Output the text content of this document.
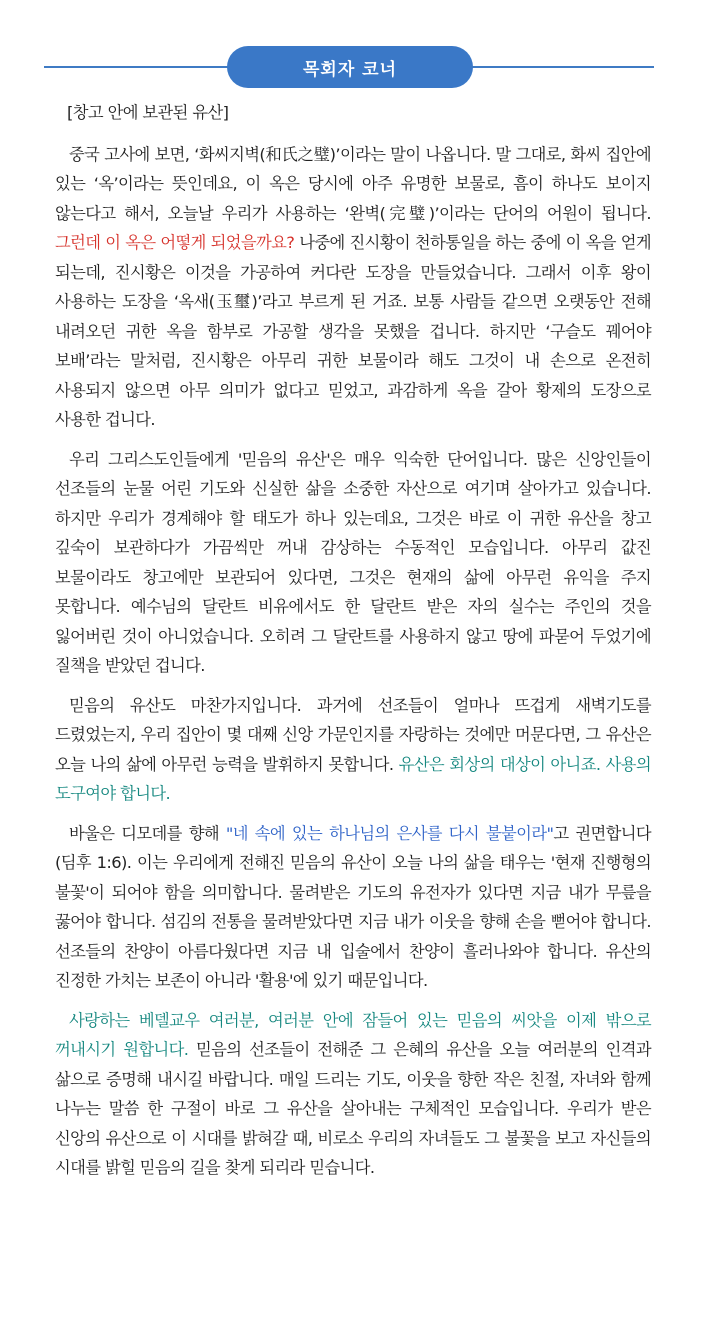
목회자 코너
[창고 안에 보관된 유산]

중국 고사에 보면, ‘화씨지벽(和氏之璧)’이라는 말이 나옵니다. 말 그대로, 화씨 집안에 있는 ‘옥’이라는 뜻인데요, 이 옥은 당시에 아주 유명한 보물로, 흠이 하나도 보이지 않는다고 해서, 오늘날 우리가 사용하는 ‘완벽(完璧)’이라는 단어의 어원이 됩니다. 그런데 이 옥은 어떻게 되었을까요? 나중에 진시황이 천하통일을 하는 중에 이 옥을 얻게 되는데, 진시황은 이것을 가공하여 커다란 도장을 만들었습니다. 그래서 이후 왕이 사용하는 도장을 ‘옥새(玉璽)’라고 부르게 된 거죠. 보통 사람들 같으면 오랫동안 전해 내려오던 귀한 옥을 함부로 가공할 생각을 못했을 겁니다. 하지만 ‘구슬도 꿰어야 보배’라는 말처럼, 진시황은 아무리 귀한 보물이라 해도 그것이 내 손으로 온전히 사용되지 않으면 아무 의미가 없다고 믿었고, 과감하게 옥을 갈아 황제의 도장으로 사용한 겁니다.

우리 그리스도인들에게 '믿음의 유산'은 매우 익숙한 단어입니다. 많은 신앙인들이 선조들의 눈물 어린 기도와 신실한 삶을 소중한 자산으로 여기며 살아가고 있습니다. 하지만 우리가 경계해야 할 태도가 하나 있는데요, 그것은 바로 이 귀한 유산을 창고 깊숙이 보관하다가 가끔씩만 꺼내 감상하는 수동적인 모습입니다. 아무리 값진 보물이라도 창고에만 보관되어 있다면, 그것은 현재의 삶에 아무런 유익을 주지 못합니다. 예수님의 달란트 비유에서도 한 달란트 받은 자의 실수는 주인의 것을 잃어버린 것이 아니었습니다. 오히려 그 달란트를 사용하지 않고 땅에 파묻어 두었기에 질책을 받았던 겁니다.

믿음의 유산도 마찬가지입니다. 과거에 선조들이 얼마나 뜨겁게 새벽기도를 드렸었는지, 우리 집안이 몇 대째 신앙 가문인지를 자랑하는 것에만 머문다면, 그 유산은 오늘 나의 삶에 아무런 능력을 발휘하지 못합니다. 유산은 회상의 대상이 아니죠. 사용의 도구여야 합니다.

바울은 디모데를 향해 "네 속에 있는 하나님의 은사를 다시 불붙이라"고 권면합니다 (딤후 1:6). 이는 우리에게 전해진 믿음의 유산이 오늘 나의 삶을 태우는 '현재 진행형의 불꽃'이 되어야 함을 의미합니다. 물려받은 기도의 유전자가 있다면 지금 내가 무릎을 꿇어야 합니다. 섬김의 전통을 물려받았다면 지금 내가 이웃을 향해 손을 뻗어야 합니다. 선조들의 찬양이 아름다웠다면 지금 내 입술에서 찬양이 흘러나와야 합니다. 유산의 진정한 가치는 보존이 아니라 '활용'에 있기 때문입니다.

사랑하는 베델교우 여러분, 여러분 안에 잠들어 있는 믿음의 씨앗을 이제 밖으로 꺼내시기 원합니다. 믿음의 선조들이 전해준 그 은혜의 유산을 오늘 여러분의 인격과 삶으로 증명해 내시길 바랍니다. 매일 드리는 기도, 이웃을 향한 작은 친절, 자녀와 함께 나누는 말씀 한 구절이 바로 그 유산을 살아내는 구체적인 모습입니다. 우리가 받은 신앙의 유산으로 이 시대를 밝혀갈 때, 비로소 우리의 자녀들도 그 불꽃을 보고 자신들의 시대를 밝힐 믿음의 길을 찾게 되리라 믿습니다.
